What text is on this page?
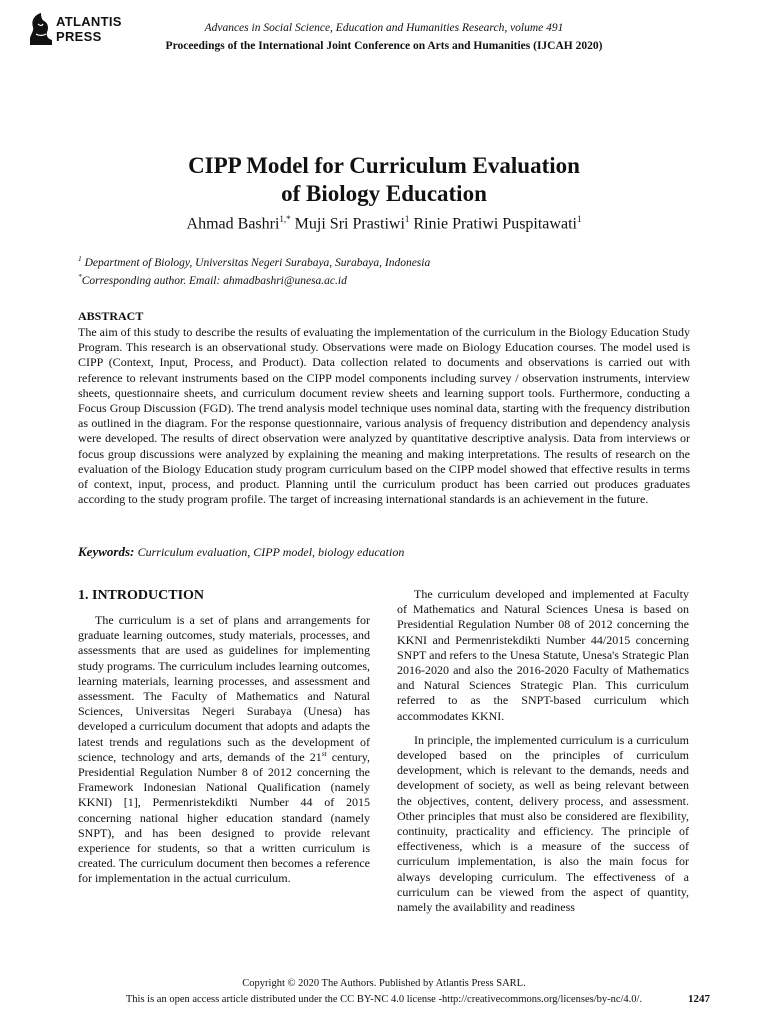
ATLANTIS
PRESS
Advances in Social Science, Education and Humanities Research, volume 491
Proceedings of the International Joint Conference on Arts and Humanities (IJCAH 2020)
CIPP Model for Curriculum Evaluation
of Biology Education
Ahmad Bashri$^{1,*}$ Muji Sri Prastiwi$^1$ Rinie Pratiwi Puspitawati$^1$
$^1$ Department of Biology, Universitas Negeri Surabaya, Surabaya, Indonesia
*Corresponding author. Email: ahmadbashri@unesa.ac.id
ABSTRACT

The aim of this study to describe the results of evaluating the implementation of the curriculum in the Biology Education Study Program. This research is an observational study. Observations were made on Biology Education courses. The model used is CIPP (Context, Input, Process, and Product). Data collection related to documents and observations is carried out with reference to relevant instruments based on the CIPP model components including survey / observation instruments, interview sheets, questionnaire sheets, and curriculum document review sheets and learning support tools. Furthermore, conducting a Focus Group Discussion (FGD). The trend analysis model technique uses nominal data, starting with the frequency distribution as outlined in the diagram. For the response questionnaire, various analysis of frequency distribution and dependency analysis were developed. The results of direct observation were analyzed by quantitative descriptive analysis. Data from interviews or focus group discussions were analyzed by explaining the meaning and making interpretations. The results of research on the evaluation of the Biology Education study program curriculum based on the CIPP model showed that effective results in terms of context, input, process, and product. Planning until the curriculum product has been carried out produces graduates according to the study program profile. The target of increasing international standards is an achievement in the future.

Keywords: Curriculum evaluation, CIPP model, biology education
1. INTRODUCTION

The curriculum is a set of plans and arrangements for graduate learning outcomes, study materials, processes, and assessments that are used as guidelines for implementing study programs. The curriculum includes learning outcomes, learning materials, learning processes, and assessment and assessment. The Faculty of Mathematics and Natural Sciences, Universitas Negeri Surabaya (Unesa) has developed a curriculum document that adopts and adapts the latest trends and regulations such as the development of science, technology and arts, demands of the 21st century, Presidential Regulation Number 8 of 2012 concerning the Framework Indonesian National Qualification (namely KKNI) [1], Permenristekdikti Number 44 of 2015 concerning national higher education standard (namely SNPT), and has been designed to provide relevant experience for students, so that a written curriculum is created. The curriculum document then becomes a reference for implementation in the actual curriculum.

The curriculum developed and implemented at Faculty of Mathematics and Natural Sciences Unesa is based on Presidential Regulation Number 08 of 2012 concerning the KKNI and Permenristekdikti Number 44/2015 concerning SNPT and refers to the Unesa Statute, Unesa's Strategic Plan 2016-2020 and also the 2016-2020 Faculty of Mathematics and Natural Sciences Strategic Plan. This curriculum referred to as the SNPT-based curriculum which accommodates KKNI.

In principle, the implemented curriculum is a curriculum developed based on the principles of curriculum development, which is relevant to the demands, needs and development of society, as well as being relevant between the objectives, content, delivery process, and assessment. Other principles that must also be considered are flexibility, continuity, practicality and efficiency. The principle of effectiveness, which is a measure of the success of curriculum implementation, is also the main focus for always developing curriculum. The effectiveness of a curriculum can be viewed from the aspect of quantity, namely the availability and readiness

Copyright © 2020 The Authors. Published by Atlantis Press SARL.
This is an open access article distributed under the CC BY-NC 4.0 license -http://creativecommons.org/licenses/by-nc/4.0/.	1247
